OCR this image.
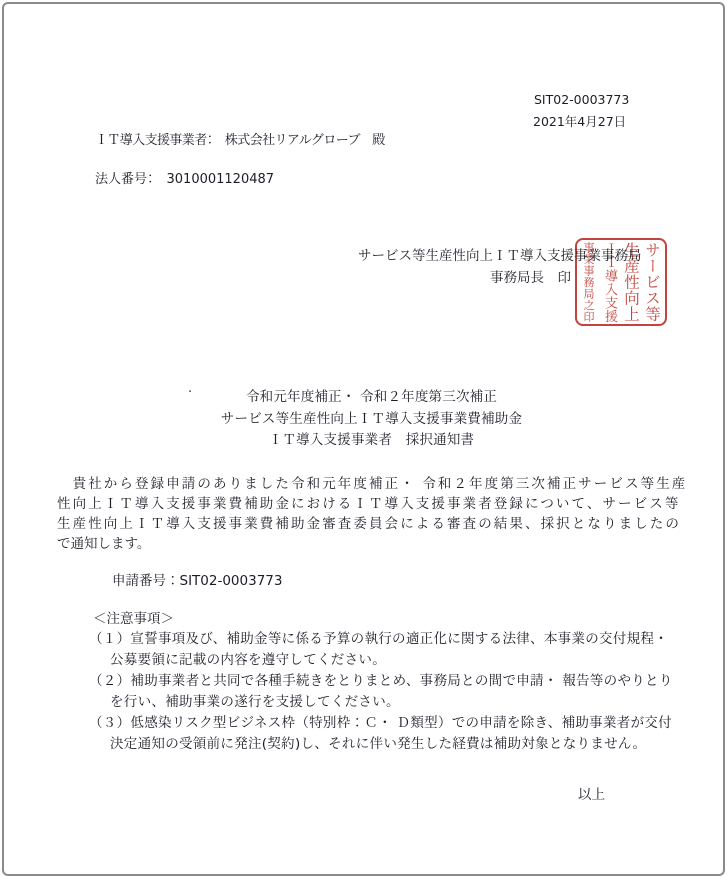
SIT02-0003773
2021年4月27日
ＩＴ導入支援事業者：　株式会社リアルグローブ　殿
法人番号：　3010001120487
サービス等生産性向上ＩＴ導入支援事業事務局
事務局長　印	サービス等
生産性向上
ＩＴ導入支援
事業事務局之印
.
令和元年度補正・ 令和２年度第三次補正
サービス等生産性向上ＩＴ導入支援事業費補助金
ＩＴ導入支援事業者　採択通知書
　貴社から登録申請のありました令和元年度補正・ 令和２年度第三次補正サービス等生産
性向上ＩＴ導入支援事業費補助金におけるＩＴ導入支援事業者登録について、サービス等
生産性向上ＩＴ導入支援事業費補助金審査委員会による審査の結果、採択となりましたの
で通知します。
申請番号：SIT02-0003773
＜注意事項＞
（１）宣誓事項及び、補助金等に係る予算の執行の適正化に関する法律、本事業の交付規程・
公募要領に記載の内容を遵守してください。
（２）補助事業者と共同で各種手続きをとりまとめ、事務局との間で申請・ 報告等のやりとり
を行い、補助事業の遂行を支援してください。
（３）低感染リスク型ビジネス枠（特別枠：Ｃ・ Ｄ類型）での申請を除き、補助事業者が交付
決定通知の受領前に発注(契約)し、それに伴い発生した経費は補助対象となりません。
以上
